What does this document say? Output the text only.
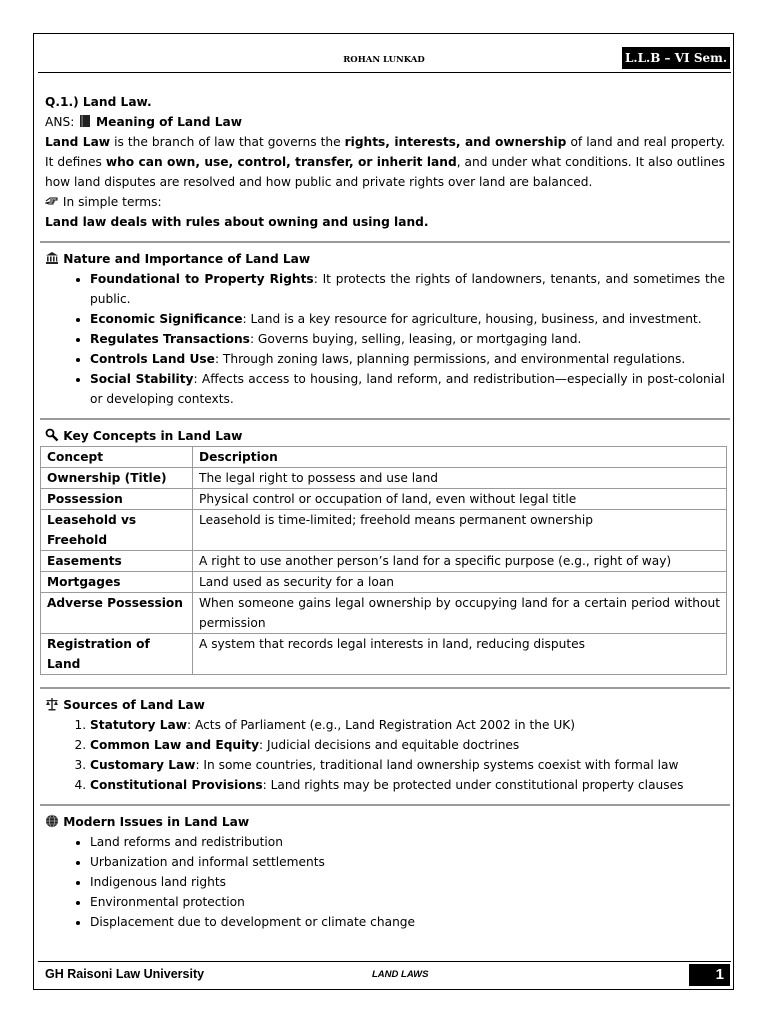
ROHAN LUNKAD	L.L.B – VI Sem.

Q.1.) Land Law.

ANS: Meaning of Land Law

Land Law is the branch of law that governs the rights, interests, and ownership of land and real property. It defines who can own, use, control, transfer, or inherit land, and under what conditions. It also outlines how land disputes are resolved and how public and private rights over land are balanced.

In simple terms:

Land law deals with rules about owning and using land.

Nature and Importance of Land Law

• Foundational to Property Rights: It protects the rights of landowners, tenants, and sometimes the public.
• Economic Significance: Land is a key resource for agriculture, housing, business, and investment.
• Regulates Transactions: Governs buying, selling, leasing, or mortgaging land.
• Controls Land Use: Through zoning laws, planning permissions, and environmental regulations.
• Social Stability: Affects access to housing, land reform, and redistribution—especially in post-colonial or developing contexts.

Key Concepts in Land Law

Concept	Description
Ownership (Title)	The legal right to possess and use land
Possession	Physical control or occupation of land, even without legal title
Leasehold vs Freehold	Leasehold is time-limited; freehold means permanent ownership
Easements	A right to use another person’s land for a specific purpose (e.g., right of way)
Mortgages	Land used as security for a loan
Adverse Possession	When someone gains legal ownership by occupying land for a certain period without permission
Registration of Land	A system that records legal interests in land, reducing disputes

Sources of Land Law

1. Statutory Law: Acts of Parliament (e.g., Land Registration Act 2002 in the UK)
2. Common Law and Equity: Judicial decisions and equitable doctrines
3. Customary Law: In some countries, traditional land ownership systems coexist with formal law
4. Constitutional Provisions: Land rights may be protected under constitutional property clauses

Modern Issues in Land Law

• Land reforms and redistribution
• Urbanization and informal settlements
• Indigenous land rights
• Environmental protection
• Displacement due to development or climate change
GH Raisoni Law University	LAND LAWS	1
